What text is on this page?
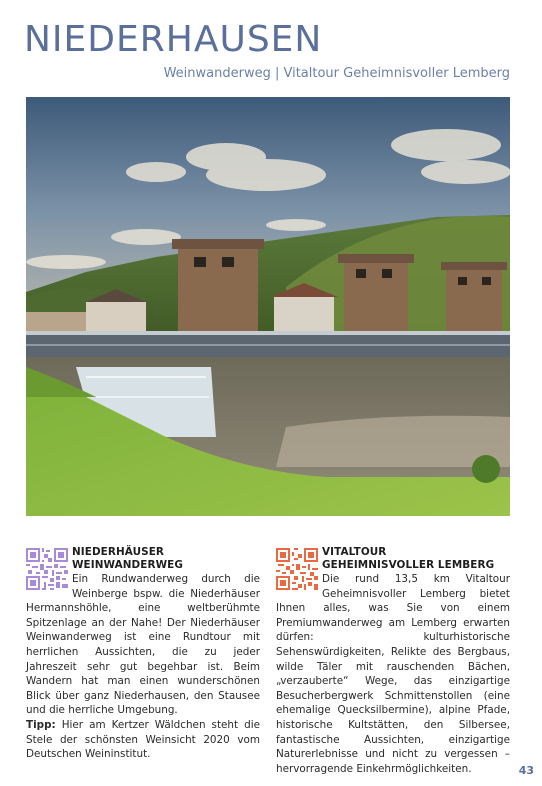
NIEDERHAUSEN
Weinwanderweg | Vitaltour Geheimnisvoller Lemberg
NIEDERHÄUSER
WEINWANDERWEG

Ein Rundwanderweg durch die Weinberge bspw. die Niederhäuser Hermannshöhle, eine weltberühmte Spitzenlage an der Nahe! Der Niederhäuser Weinwanderweg ist eine Rundtour mit herrlichen Aussichten, die zu jeder Jahreszeit sehr gut begehbar ist. Beim Wandern hat man einen wunderschönen Blick über ganz Niederhausen, den Stausee und die herrliche Umgebung.

Tipp: Hier am Kertzer Wäldchen steht die Stele der schönsten Weinsicht 2020 vom Deutschen Weininstitut.

VITALTOUR
GEHEIMNISVOLLER LEMBERG

Die rund 13,5 km Vitaltour Geheimnisvoller Lemberg bietet Ihnen alles, was Sie von einem Premiumwanderweg am Lemberg erwarten dürfen: kulturhistorische Sehenswürdigkeiten, Relikte des Bergbaus, wilde Täler mit rauschenden Bächen, „verzauberte“ Wege, das einzigartige Besucherbergwerk Schmittenstollen (eine ehemalige Quecksilbermine), alpine Pfade, historische Kultstätten, den Silbersee, fantastische Aussichten, einzigartige Naturerlebnisse und nicht zu vergessen – hervorragende Einkehrmöglichkeiten.	43
